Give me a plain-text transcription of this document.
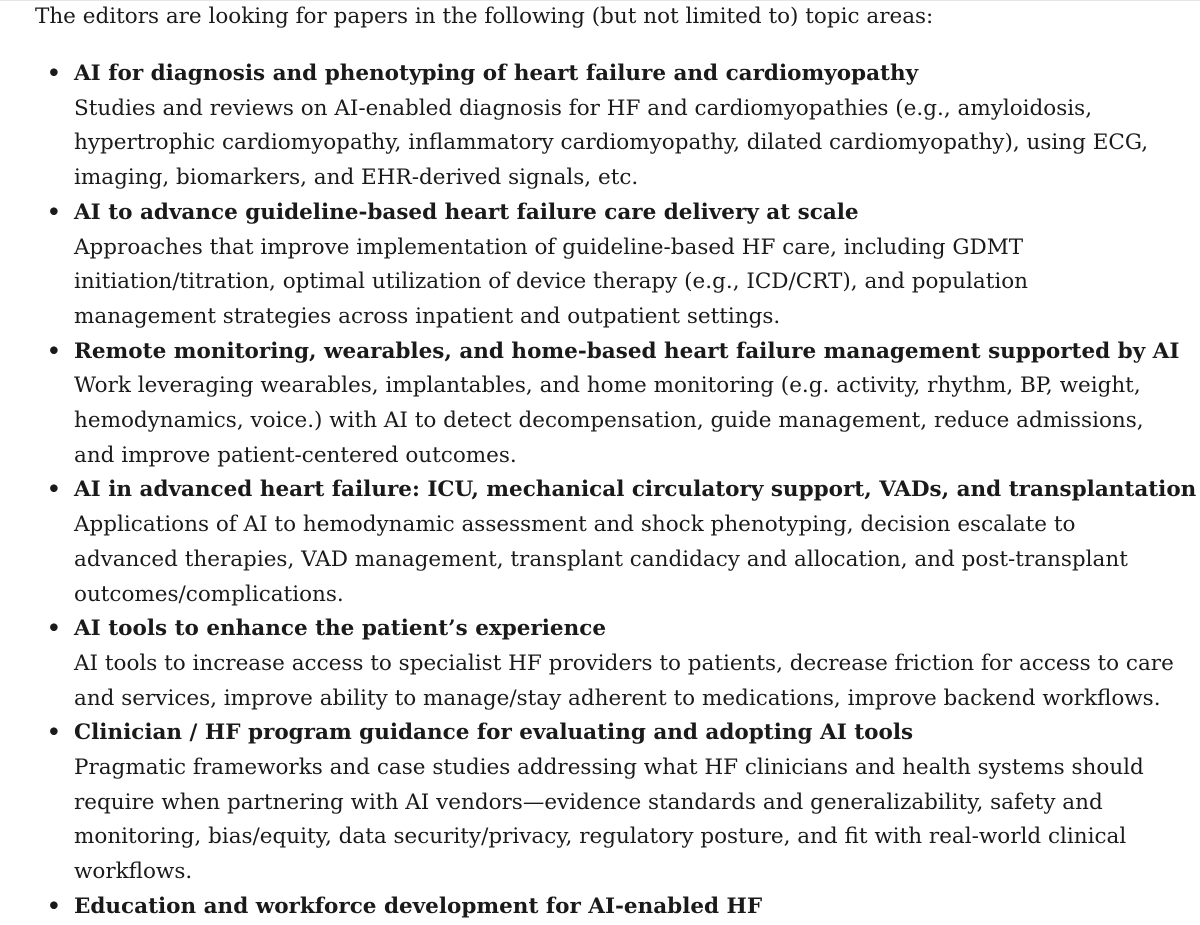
The editors are looking for papers in the following (but not limited to) topic areas:

• AI for diagnosis and phenotyping of heart failure and cardiomyopathy
Studies and reviews on AI-enabled diagnosis for HF and cardiomyopathies (e.g., amyloidosis,
hypertrophic cardiomyopathy, inflammatory cardiomyopathy, dilated cardiomyopathy), using ECG,
imaging, biomarkers, and EHR-derived signals, etc.
• AI to advance guideline-based heart failure care delivery at scale
Approaches that improve implementation of guideline-based HF care, including GDMT
initiation/titration, optimal utilization of device therapy (e.g., ICD/CRT), and population
management strategies across inpatient and outpatient settings.
• Remote monitoring, wearables, and home-based heart failure management supported by AI
Work leveraging wearables, implantables, and home monitoring (e.g. activity, rhythm, BP, weight,
hemodynamics, voice.) with AI to detect decompensation, guide management, reduce admissions,
and improve patient-centered outcomes.
• AI in advanced heart failure: ICU, mechanical circulatory support, VADs, and transplantation
Applications of AI to hemodynamic assessment and shock phenotyping, decision escalate to
advanced therapies, VAD management, transplant candidacy and allocation, and post-transplant
outcomes/complications.
• AI tools to enhance the patient’s experience
AI tools to increase access to specialist HF providers to patients, decrease friction for access to care
and services, improve ability to manage/stay adherent to medications, improve backend workflows.
• Clinician / HF program guidance for evaluating and adopting AI tools
Pragmatic frameworks and case studies addressing what HF clinicians and health systems should
require when partnering with AI vendors—evidence standards and generalizability, safety and
monitoring, bias/equity, data security/privacy, regulatory posture, and fit with real-world clinical
workflows.
• Education and workforce development for AI-enabled HF
